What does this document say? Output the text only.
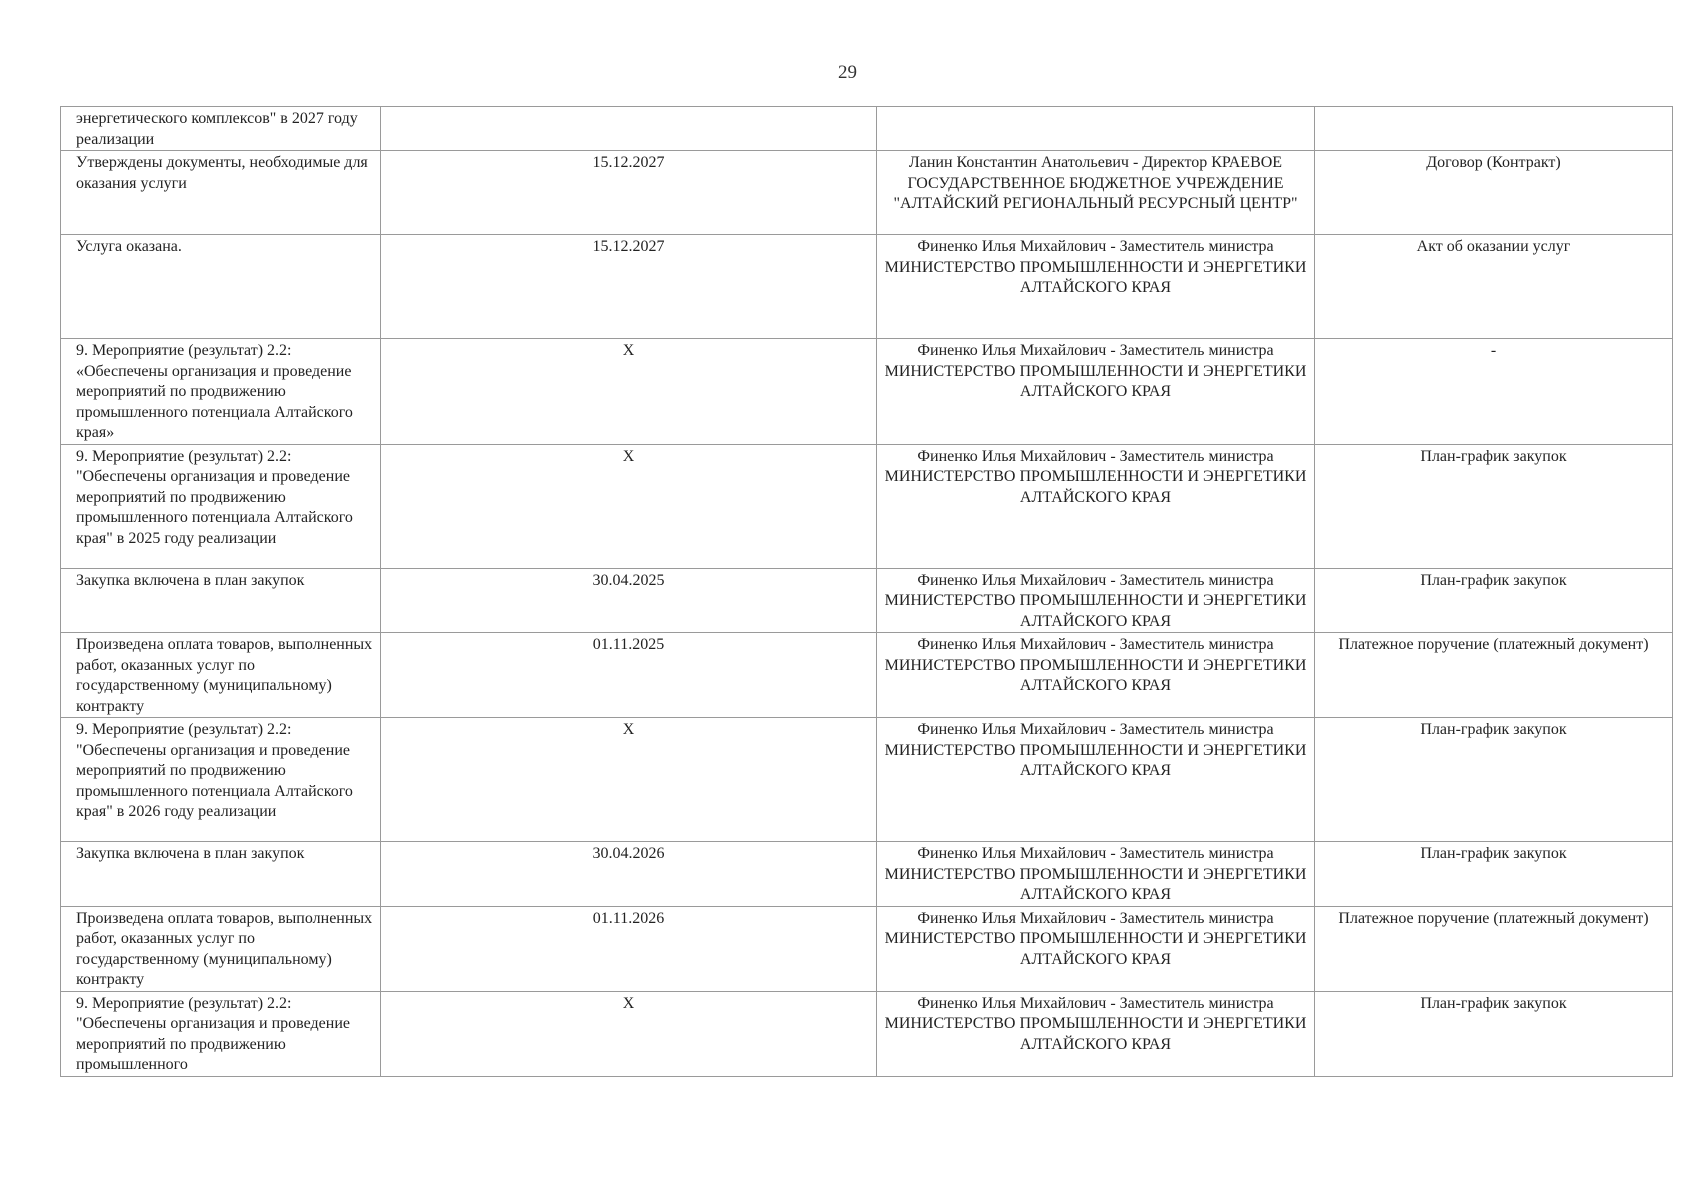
29
энергетического комплексов" в 2027 году реализации			
Утверждены документы, необходимые для оказания услуги	15.12.2027	Ланин Константин Анатольевич - Директор КРАЕВОЕ ГОСУДАРСТВЕННОЕ БЮДЖЕТНОЕ УЧРЕЖДЕНИЕ "АЛТАЙСКИЙ РЕГИОНАЛЬНЫЙ РЕСУРСНЫЙ ЦЕНТР"	Договор (Контракт)
Услуга оказана.	15.12.2027	Финенко Илья Михайлович - Заместитель министра МИНИСТЕРСТВО ПРОМЫШЛЕННОСТИ И ЭНЕРГЕТИКИ АЛТАЙСКОГО КРАЯ	Акт об оказании услуг
9. Мероприятие (результат) 2.2: «Обеспечены организация и проведение мероприятий по продвижению промышленного потенциала Алтайского края»	X	Финенко Илья Михайлович - Заместитель министра МИНИСТЕРСТВО ПРОМЫШЛЕННОСТИ И ЭНЕРГЕТИКИ АЛТАЙСКОГО КРАЯ	-
9. Мероприятие (результат) 2.2: "Обеспечены организация и проведение мероприятий по продвижению промышленного потенциала Алтайского края" в 2025 году реализации	X	Финенко Илья Михайлович - Заместитель министра МИНИСТЕРСТВО ПРОМЫШЛЕННОСТИ И ЭНЕРГЕТИКИ АЛТАЙСКОГО КРАЯ	План-график закупок
Закупка включена в план закупок	30.04.2025	Финенко Илья Михайлович - Заместитель министра МИНИСТЕРСТВО ПРОМЫШЛЕННОСТИ И ЭНЕРГЕТИКИ АЛТАЙСКОГО КРАЯ	План-график закупок
Произведена оплата товаров, выполненных работ, оказанных услуг по государственному (муниципальному) контракту	01.11.2025	Финенко Илья Михайлович - Заместитель министра МИНИСТЕРСТВО ПРОМЫШЛЕННОСТИ И ЭНЕРГЕТИКИ АЛТАЙСКОГО КРАЯ	Платежное поручение (платежный документ)
9. Мероприятие (результат) 2.2: "Обеспечены организация и проведение мероприятий по продвижению промышленного потенциала Алтайского края" в 2026 году реализации	X	Финенко Илья Михайлович - Заместитель министра МИНИСТЕРСТВО ПРОМЫШЛЕННОСТИ И ЭНЕРГЕТИКИ АЛТАЙСКОГО КРАЯ	План-график закупок
Закупка включена в план закупок	30.04.2026	Финенко Илья Михайлович - Заместитель министра МИНИСТЕРСТВО ПРОМЫШЛЕННОСТИ И ЭНЕРГЕТИКИ АЛТАЙСКОГО КРАЯ	План-график закупок
Произведена оплата товаров, выполненных работ, оказанных услуг по государственному (муниципальному) контракту	01.11.2026	Финенко Илья Михайлович - Заместитель министра МИНИСТЕРСТВО ПРОМЫШЛЕННОСТИ И ЭНЕРГЕТИКИ АЛТАЙСКОГО КРАЯ	Платежное поручение (платежный документ)
9. Мероприятие (результат) 2.2: "Обеспечены организация и проведение мероприятий по продвижению промышленного	X	Финенко Илья Михайлович - Заместитель министра МИНИСТЕРСТВО ПРОМЫШЛЕННОСТИ И ЭНЕРГЕТИКИ АЛТАЙСКОГО КРАЯ	План-график закупок
